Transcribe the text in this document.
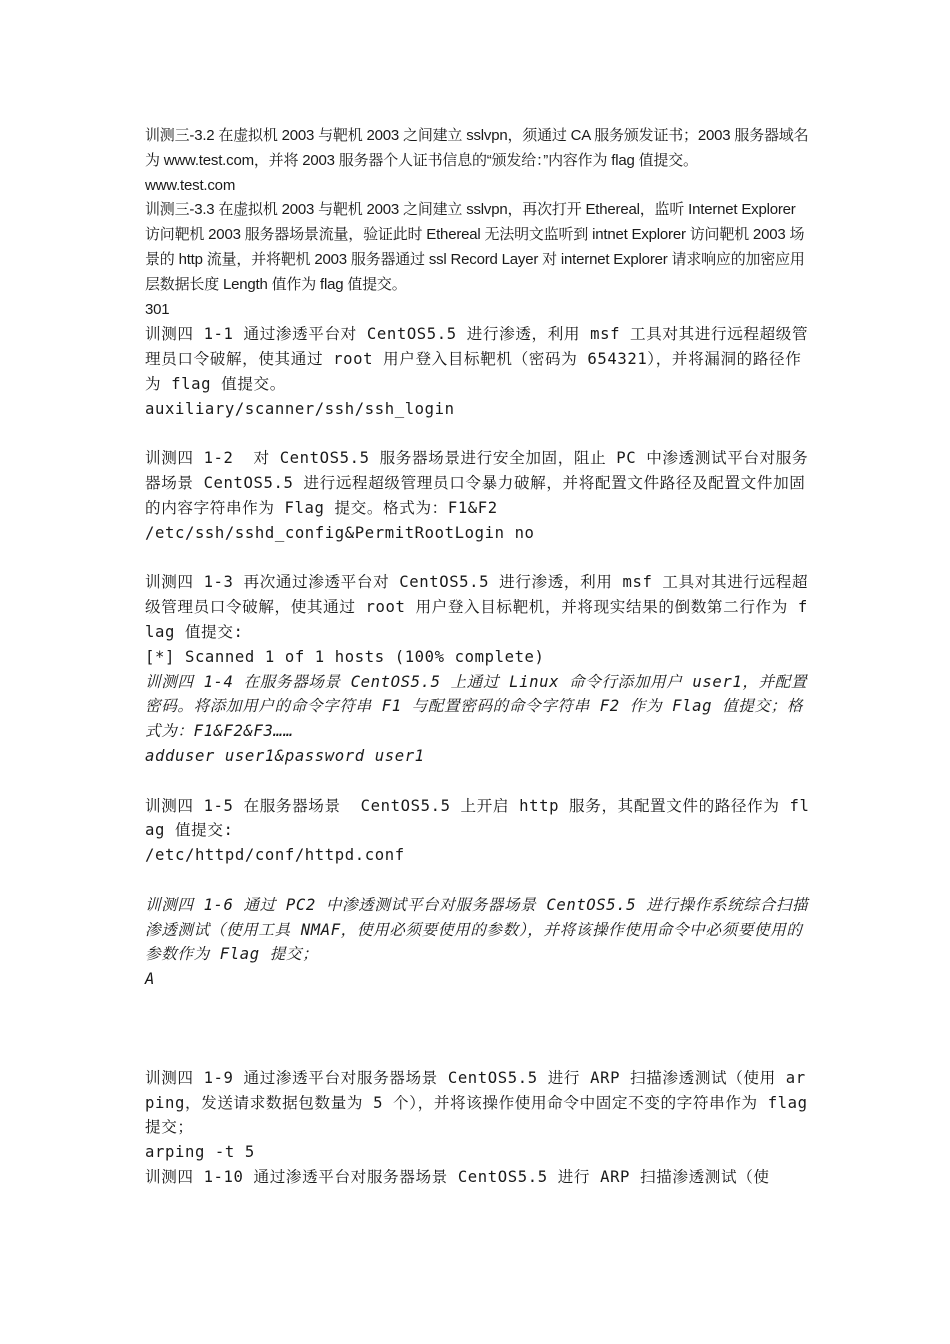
训测三-3.2 在虚拟机 2003 与靶机 2003 之间建立 sslvpn，须通过 CA 服务颁发证书；2003 服务器域名为 www.test.com，并将 2003 服务器个人证书信息的“颁发给：”内容作为 flag 值提交。

www.test.com

训测三-3.3 在虚拟机 2003 与靶机 2003 之间建立 sslvpn，再次打开 Ethereal，监听 Internet Explorer 访问靶机 2003 服务器场景流量，验证此时 Ethereal 无法明文监听到 intnet Explorer 访问靶机 2003 场景的 http 流量，并将靶机 2003 服务器通过 ssl Record Layer 对 internet Explorer 请求响应的加密应用层数据长度 Length 值作为 flag 值提交。

301

训测四 1-1 通过渗透平台对 CentOS5.5 进行渗透，利用 msf 工具对其进行远程超级管理员口令破解，使其通过 root 用户登入目标靶机（密码为 654321），并将漏洞的路径作为 flag 值提交。

auxiliary/scanner/ssh/ssh_login

训测四 1-2  对 CentOS5.5 服务器场景进行安全加固，阻止 PC 中渗透测试平台对服务器场景 CentOS5.5 进行远程超级管理员口令暴力破解，并将配置文件路径及配置文件加固的内容字符串作为 Flag 提交。格式为：F1&F2

/etc/ssh/sshd_config&PermitRootLogin no

训测四 1-3 再次通过渗透平台对 CentOS5.5 进行渗透，利用 msf 工具对其进行远程超级管理员口令破解，使其通过 root 用户登入目标靶机，并将现实结果的倒数第二行作为 flag 值提交:

[*] Scanned 1 of 1 hosts (100% complete)

训测四 1-4 在服务器场景 CentOS5.5 上通过 Linux 命令行添加用户 user1，并配置密码。将添加用户的命令字符串 F1 与配置密码的命令字符串 F2 作为 Flag 值提交；格式为：F1&F2&F3……

adduser user1&password user1

训测四 1-5 在服务器场景  CentOS5.5 上开启 http 服务，其配置文件的路径作为 flag 值提交:

/etc/httpd/conf/httpd.conf

训测四 1-6 通过 PC2 中渗透测试平台对服务器场景 CentOS5.5 进行操作系统综合扫描渗透测试（使用工具 NMAF，使用必须要使用的参数），并将该操作使用命令中必须要使用的参数作为 Flag 提交；

A

训测四 1-9 通过渗透平台对服务器场景 CentOS5.5 进行 ARP 扫描渗透测试（使用 arping，发送请求数据包数量为 5 个），并将该操作使用命令中固定不变的字符串作为 flag 提交；

arping -t 5

训测四 1-10 通过渗透平台对服务器场景 CentOS5.5 进行 ARP 扫描渗透测试（使
